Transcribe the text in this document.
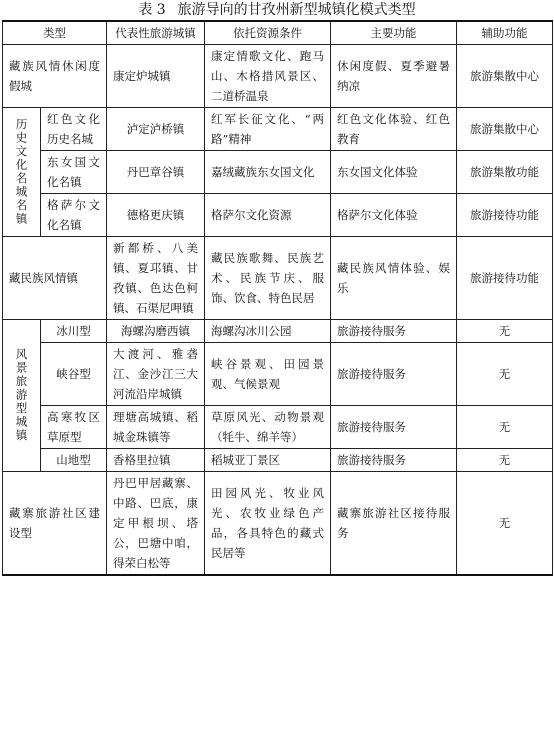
表 3 旅游导向的甘孜州新型城镇化模式类型
类型		代表性旅游城镇	依托资源条件	主要功能	辅助功能
藏族风情休闲度假城		康定炉城镇	康定情歌文化、跑马山、木格措风景区、二道桥温泉	休闲度假、夏季避暑纳凉	旅游集散中心
历史文化名城名镇	红色文化历史名城	泸定泸桥镇	红军长征文化、“两路”精神	红色文化体验、红色教育	旅游集散中心
	东女国文化名镇	丹巴章谷镇	嘉绒藏族东女国文化	东女国文化体验	旅游集散功能
	格萨尔文化名镇	德格更庆镇	格萨尔文化资源	格萨尔文化体验	旅游接待功能
藏民族风情镇		新都桥、八美镇、夏邛镇、甘孜镇、色达色柯镇、石渠尼呷镇	藏民族歌舞、民族艺术、民族节庆、服饰、饮食、特色民居	藏民族风情体验、娱乐	旅游接待功能
风景旅游型城镇	冰川型	海螺沟磨西镇	海螺沟冰川公园	旅游接待服务	无
	峡谷型	大渡河、雅砻江、金沙江三大河流沿岸城镇	峡谷景观、田园景观、气候景观	旅游接待服务	无
	高寒牧区草原型	理塘高城镇、稻城金珠镇等	草原风光、动物景观（牦牛、绵羊等）	旅游接待服务	无
	山地型	香格里拉镇	稻城亚丁景区	旅游接待服务	无
藏寨旅游社区建设型		丹巴甲居藏寨、中路、巴底，康定甲根坝、塔公，巴塘中咱，得荣白松等	田园风光、牧业风光、农牧业绿色产品，各具特色的藏式民居等	藏寨旅游社区接待服务	无
